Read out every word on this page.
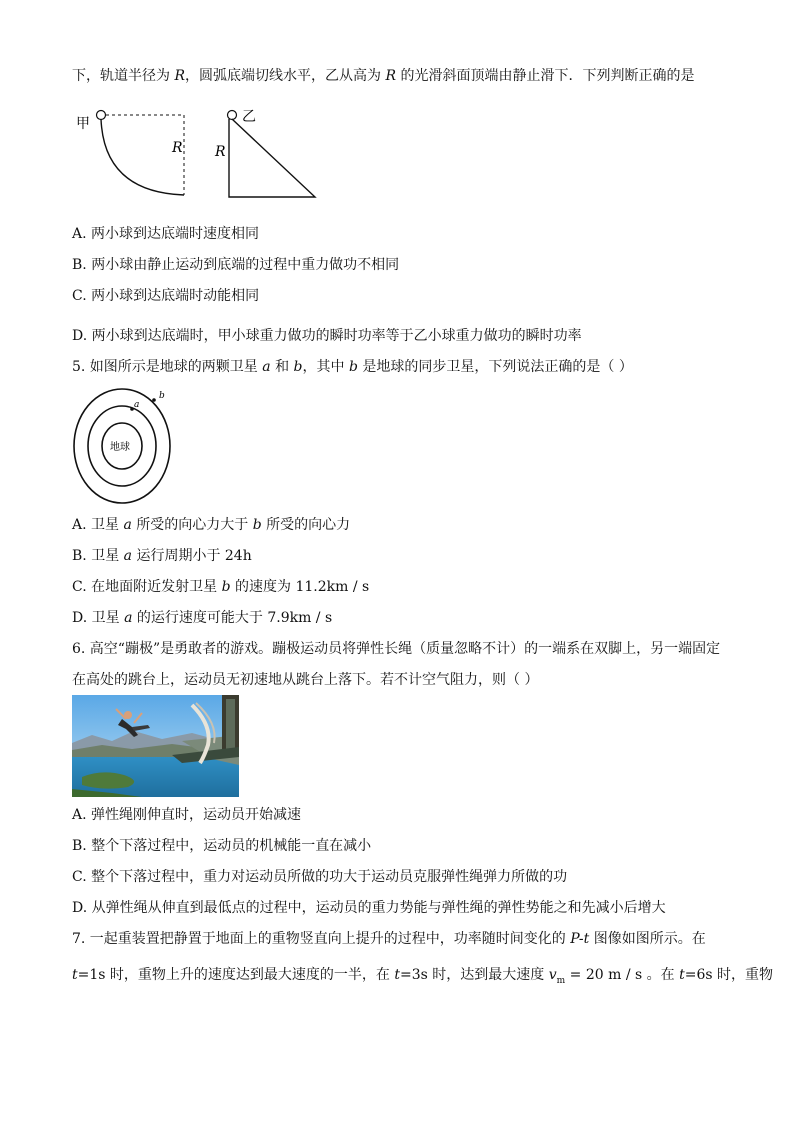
下，轨道半径为 R，圆弧底端切线水平，乙从高为 R 的光滑斜面顶端由静止滑下．下列判断正确的是
甲
R
乙
R
A. 两小球到达底端时速度相同
B. 两小球由静止运动到底端的过程中重力做功不相同
C. 两小球到达底端时动能相同
D. 两小球到达底端时，甲小球重力做功的瞬时功率等于乙小球重力做功的瞬时功率
5. 如图所示是地球的两颗卫星 a 和 b，其中 b 是地球的同步卫星，下列说法正确的是（ ）
地球
a
b
A. 卫星 a 所受的向心力大于 b 所受的向心力
B. 卫星 a 运行周期小于 24h
C. 在地面附近发射卫星 b 的速度为 11.2km / s
D. 卫星 a 的运行速度可能大于 7.9km / s
6. 高空“蹦极”是勇敢者的游戏。蹦极运动员将弹性长绳（质量忽略不计）的一端系在双脚上，另一端固定
在高处的跳台上，运动员无初速地从跳台上落下。若不计空气阻力，则（ ）
A. 弹性绳刚伸直时，运动员开始减速
B. 整个下落过程中，运动员的机械能一直在减小
C. 整个下落过程中，重力对运动员所做的功大于运动员克服弹性绳弹力所做的功
D. 从弹性绳从伸直到最低点的过程中，运动员的重力势能与弹性绳的弹性势能之和先减小后增大
7. 一起重装置把静置于地面上的重物竖直向上提升的过程中，功率随时间变化的 P-t 图像如图所示。在
t=1s 时，重物上升的速度达到最大速度的一半，在 t=3s 时，达到最大速度 $v_m = 20$ m / s 。在 t=6s 时，重物
